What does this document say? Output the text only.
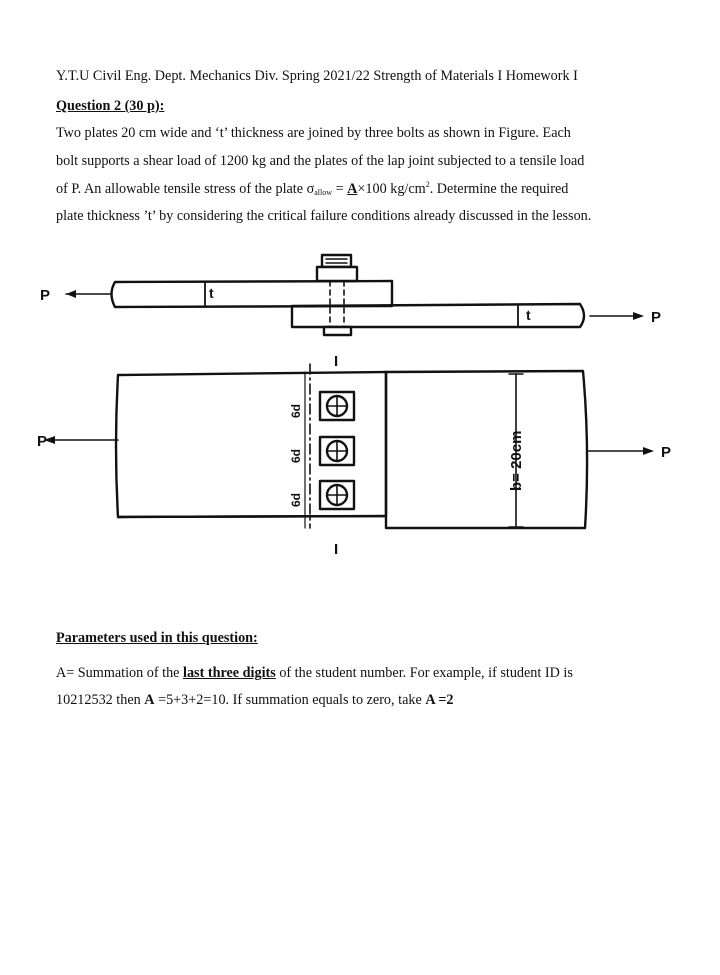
Y.T.U Civil Eng. Dept. Mechanics Div. Spring 2021/22 Strength of Materials I Homework I
Question 2 (30 p):
Two plates 20 cm wide and ‘t’ thickness are joined by three bolts as shown in Figure. Each
bolt supports a shear load of 1200 kg and the plates of the lap joint subjected to a tensile load
of P. An allowable tensile stress of the plate $\sigma_{allow} = A\times 100$ $kg/cm^2$. Determine the required
plate thickness ’t’ by considering the critical failure conditions already discussed in the lesson.
P
P
P
P
t
t
I
I
b= 20cm
6d
6d
6d
Parameters used in this question:
A= Summation of the last three digits of the student number. For example, if student ID is
10212532 then A =5+3+2=10. If summation equals to zero, take A =2
